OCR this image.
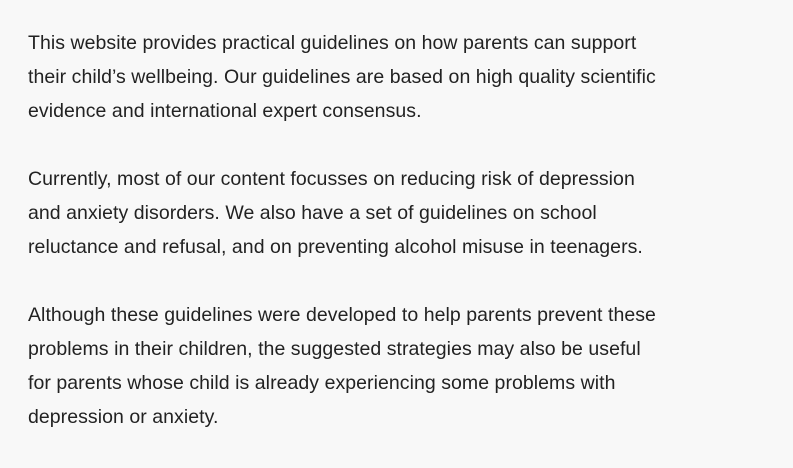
This website provides practical guidelines on how parents can support
their child’s wellbeing. Our guidelines are based on high quality scientific
evidence and international expert consensus.

Currently, most of our content focusses on reducing risk of depression
and anxiety disorders. We also have a set of guidelines on school
reluctance and refusal, and on preventing alcohol misuse in teenagers.

Although these guidelines were developed to help parents prevent these
problems in their children, the suggested strategies may also be useful
for parents whose child is already experiencing some problems with
depression or anxiety.
